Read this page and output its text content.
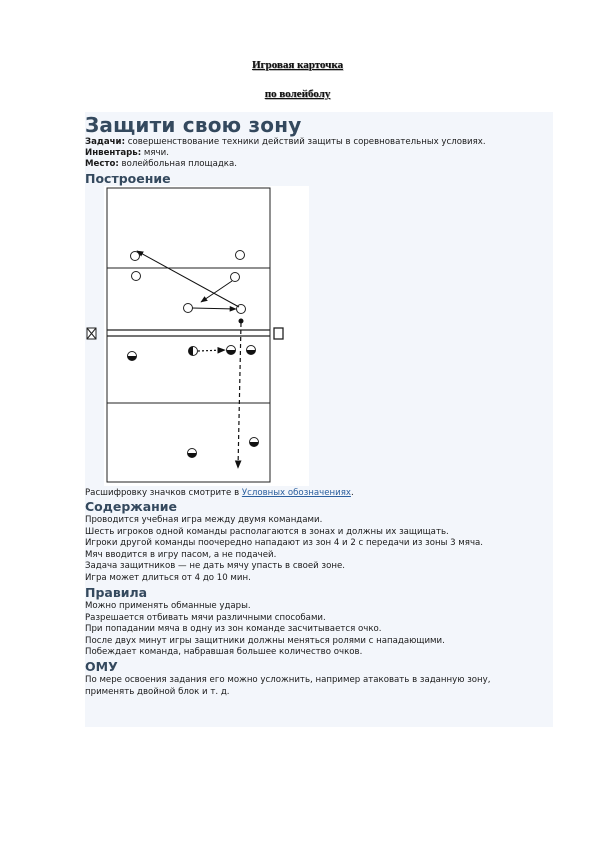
Игровая карточка
по волейболу
Защити свою зону
Задачи: совершенствование техники действий защиты в соревновательных условиях.
Инвентарь: мячи.
Место: волейбольная площадка.
Построение
Расшифровку значков смотрите в Условных обозначениях.
Содержание
Проводится учебная игра между двумя командами.
Шесть игроков одной команды располагаются в зонах и должны их защищать.
Игроки другой команды поочередно нападают из зон 4 и 2 с передачи из зоны 3 мяча.
Мяч вводится в игру пасом, а не подачей.
Задача защитников — не дать мячу упасть в своей зоне.
Игра может длиться от 4 до 10 мин.
Правила
Можно применять обманные удары.
Разрешается отбивать мячи различными способами.
При попадании мяча в одну из зон команде засчитывается очко.
После двух минут игры защитники должны меняться ролями с нападающими.
Побеждает команда, набравшая большее количество очков.
ОМУ
По мере освоения задания его можно усложнить, например атаковать в заданную зону, применять двойной блок и т. д.
